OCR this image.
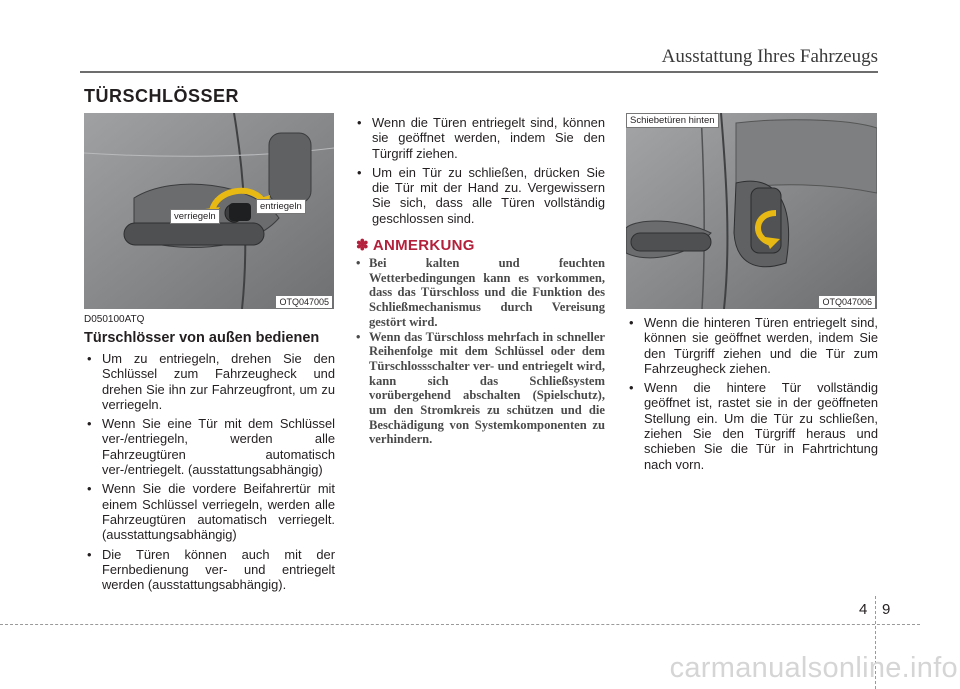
Ausstattung Ihres Fahrzeugs
TÜRSCHLÖSSER
verriegeln
entriegeln
OTQ047005
D050100ATQ
Türschlösser von außen bedienen
• Um zu entriegeln, drehen Sie den Schlüssel zum Fahrzeugheck und drehen Sie ihn zur Fahrzeugfront, um zu verriegeln.
• Wenn Sie eine Tür mit dem Schlüssel ver-/entriegeln, werden alle Fahrzeugtüren automatisch ver-/entriegelt. (ausstattungsabhängig)
• Wenn Sie die vordere Beifahrertür mit einem Schlüssel verriegeln, werden alle Fahrzeugtüren automatisch verriegelt. (ausstattungsabhängig)
• Die Türen können auch mit der Fernbedienung ver- und entriegelt werden (ausstattungsabhängig).
• Wenn die Türen entriegelt sind, können sie geöffnet werden, indem Sie den Türgriff ziehen.
• Um ein Tür zu schließen, drücken Sie die Tür mit der Hand zu. Vergewissern Sie sich, dass alle Türen vollständig geschlossen sind.
✽ ANMERKUNG
• Bei kalten und feuchten Wetterbedingungen kann es vorkommen, dass das Türschloss und die Funktion des Schließmechanismus durch Vereisung gestört wird.
• Wenn das Türschloss mehrfach in schneller Reihenfolge mit dem Schlüssel oder dem Türschlossschalter ver- und entriegelt wird, kann sich das Schließsystem vorübergehend abschalten (Spielschutz), um den Stromkreis zu schützen und die Beschädigung von Systemkomponenten zu verhindern.
Schiebetüren hinten
OTQ047006
• Wenn die hinteren Türen entriegelt sind, können sie geöffnet werden, indem Sie den Türgriff ziehen und die Tür zum Fahrzeugheck ziehen.
• Wenn die hintere Tür vollständig geöffnet ist, rastet sie in der geöffneten Stellung ein. Um die Tür zu schließen, ziehen Sie den Türgriff heraus und schieben Sie die Tür in Fahrtrichtung nach vorn.
4 9
carmanualsonline.info
